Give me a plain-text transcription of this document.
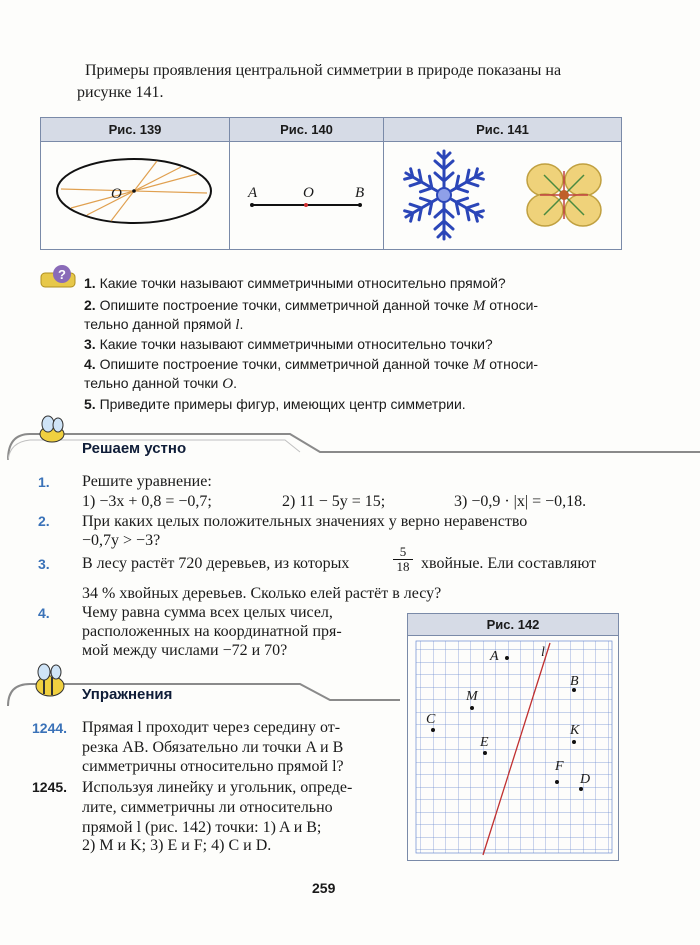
Примеры проявления центральной симметрии в природе показаны на
рисунке 141.
Рис. 139	Рис. 140	Рис. 141
O	A	O	B
?
1. Какие точки называют симметричными относительно прямой?
2. Опишите построение точки, симметричной данной точке M относи-
тельно данной прямой l.
3. Какие точки называют симметричными относительно точки?
4. Опишите построение точки, симметричной данной точке M относи-
тельно данной точки O.
5. Приведите примеры фигур, имеющих центр симметрии.
Решаем устно
1. Решите уравнение:
1) −3x + 0,8 = −0,7;	2) 11 − 5y = 15;	3) −0,9 · |x| = −0,18.
2. При каких целых положительных значениях y верно неравенство
−0,7y > −3?
3. В лесу растёт 720 деревьев, из которых	$\frac{5}{18}$ хвойные. Ели составляют
34 % хвойных деревьев. Сколько елей растёт в лесу?
4. Чему равна сумма всех целых чисел,
расположенных на координатной пря-
мой между числами −72 и 70?
Упражнения
1244. Прямая l проходит через середину от-
резка AB. Обязательно ли точки A и B
симметричны относительно прямой l?
1245. Используя линейку и угольник, опреде-
лите, симметричны ли относительно
прямой l (рис. 142) точки: 1) A и B;
2) M и K; 3) E и F; 4) C и D.
Рис. 142
A	l
B
M
C
K
E
F
D
259
